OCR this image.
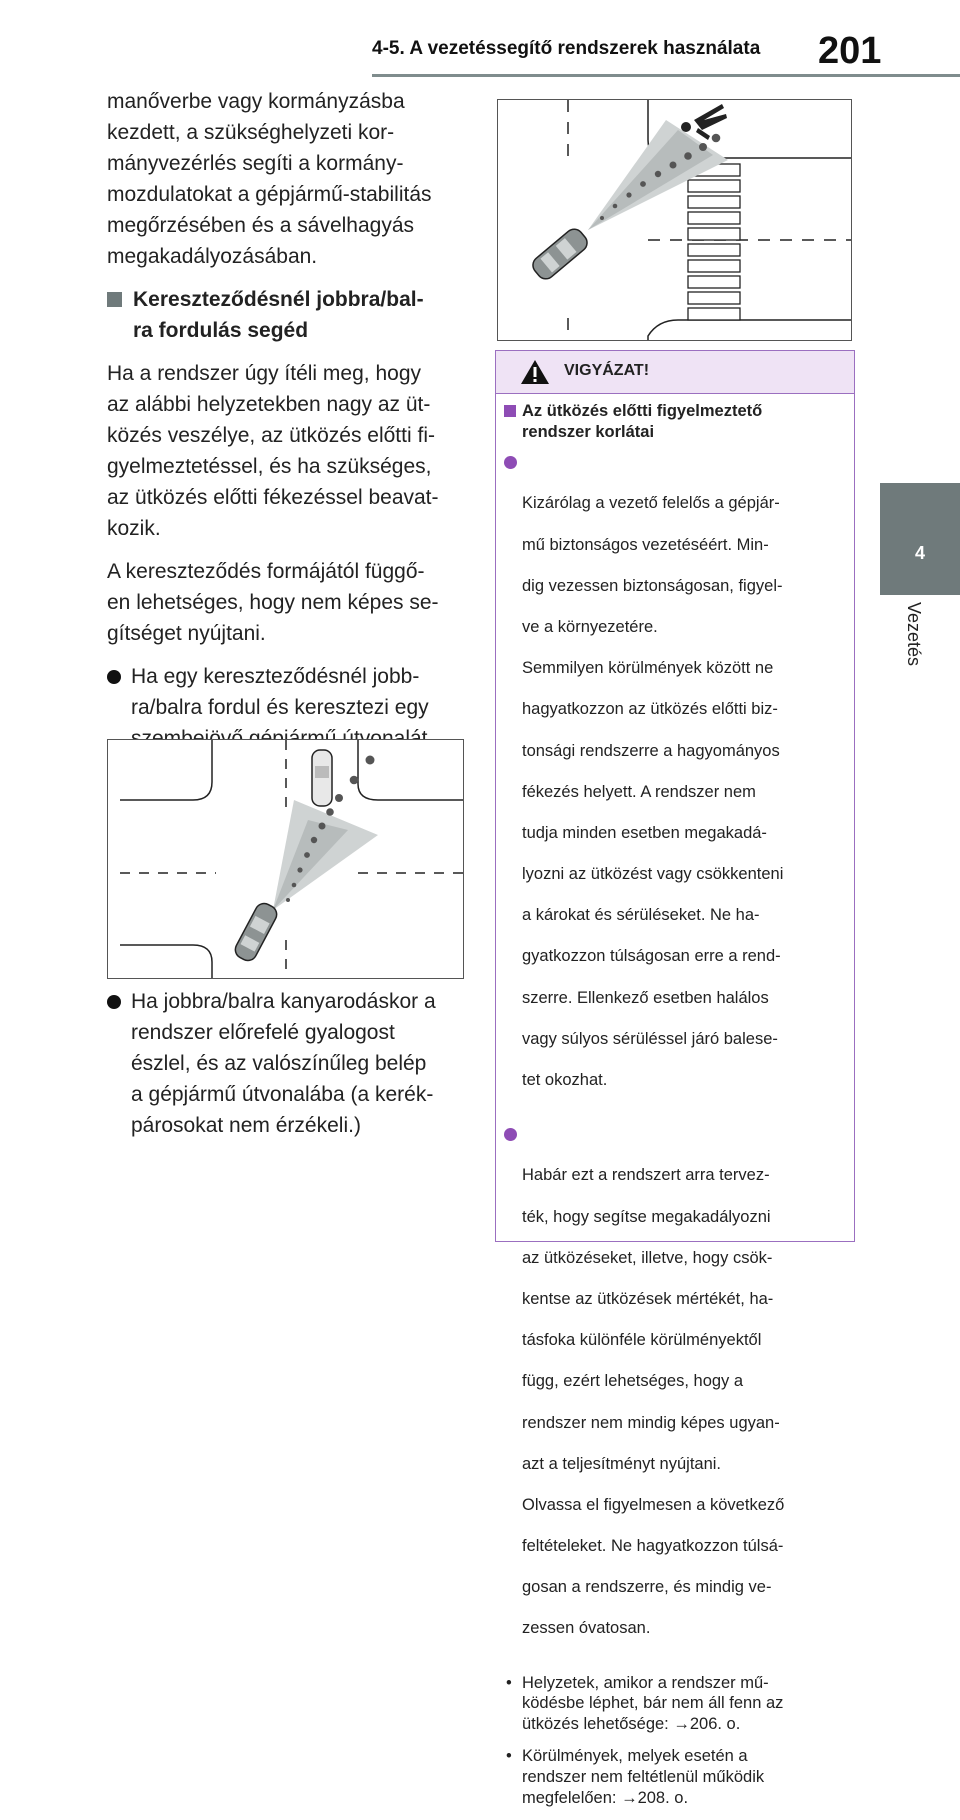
4-5. A vezetéssegítő rendszerek használata 201
4
Vezetés
manőverbe vagy kormányzásba
kezdett, a szükséghelyzeti kor-
mányvezérlés segíti a kormány-
mozdulatokat a gépjármű-stabilitás
megőrzésében és a sávelhagyás
megakadályozásában.
Kereszteződésnél jobbra/bal-
ra fordulás segéd
Ha a rendszer úgy ítéli meg, hogy
az alábbi helyzetekben nagy az üt-
közés veszélye, az ütközés előtti fi-
gyelmeztetéssel, és ha szükséges,
az ütközés előtti fékezéssel beavat-
kozik.
A kereszteződés formájától függő-
en lehetséges, hogy nem képes se-
gítséget nyújtani.
Ha egy kereszteződésnél jobb-
ra/balra fordul és keresztezi egy
Ha jobbra/balra kanyarodáskor a
rendszer előrefelé gyalogost
észlel, és az valószínűleg belép
a gépjármű útvonalába (a kerék-
párosokat nem érzékeli.)
VIGYÁZAT!
Az ütközés előtti figyelmeztető
rendszer korlátai

Kizárólag a vezető felelős a gépjár-

mű biztonságos vezetéséért. Min-

dig vezessen biztonságosan, figyel-

ve a környezetére.

Semmilyen körülmények között ne

hagyatkozzon az ütközés előtti biz-

tonsági rendszerre a hagyományos

fékezés helyett. A rendszer nem

tudja minden esetben megakadá-

lyozni az ütközést vagy csökkenteni

a károkat és sérüléseket. Ne ha-

gyatkozzon túlságosan erre a rend-

szerre. Ellenkező esetben halálos

vagy súlyos sérüléssel járó balese-

tet okozhat.

Habár ezt a rendszert arra tervez-

ték, hogy segítse megakadályozni

az ütközéseket, illetve, hogy csök-

kentse az ütközések mértékét, ha-

tásfoka különféle körülményektől

függ, ezért lehetséges, hogy a

rendszer nem mindig képes ugyan-

azt a teljesítményt nyújtani.

Olvassa el figyelmesen a következő

feltételeket. Ne hagyatkozzon túlsá-

gosan a rendszerre, és mindig ve-

zessen óvatosan.

• Helyzetek, amikor a rendszer mű-
ködésbe léphet, bár nem áll fenn az
ütközés lehetősége: →206. o.
• Körülmények, melyek esetén a
rendszer nem feltétlenül működik
megfelelően: →208. o.
